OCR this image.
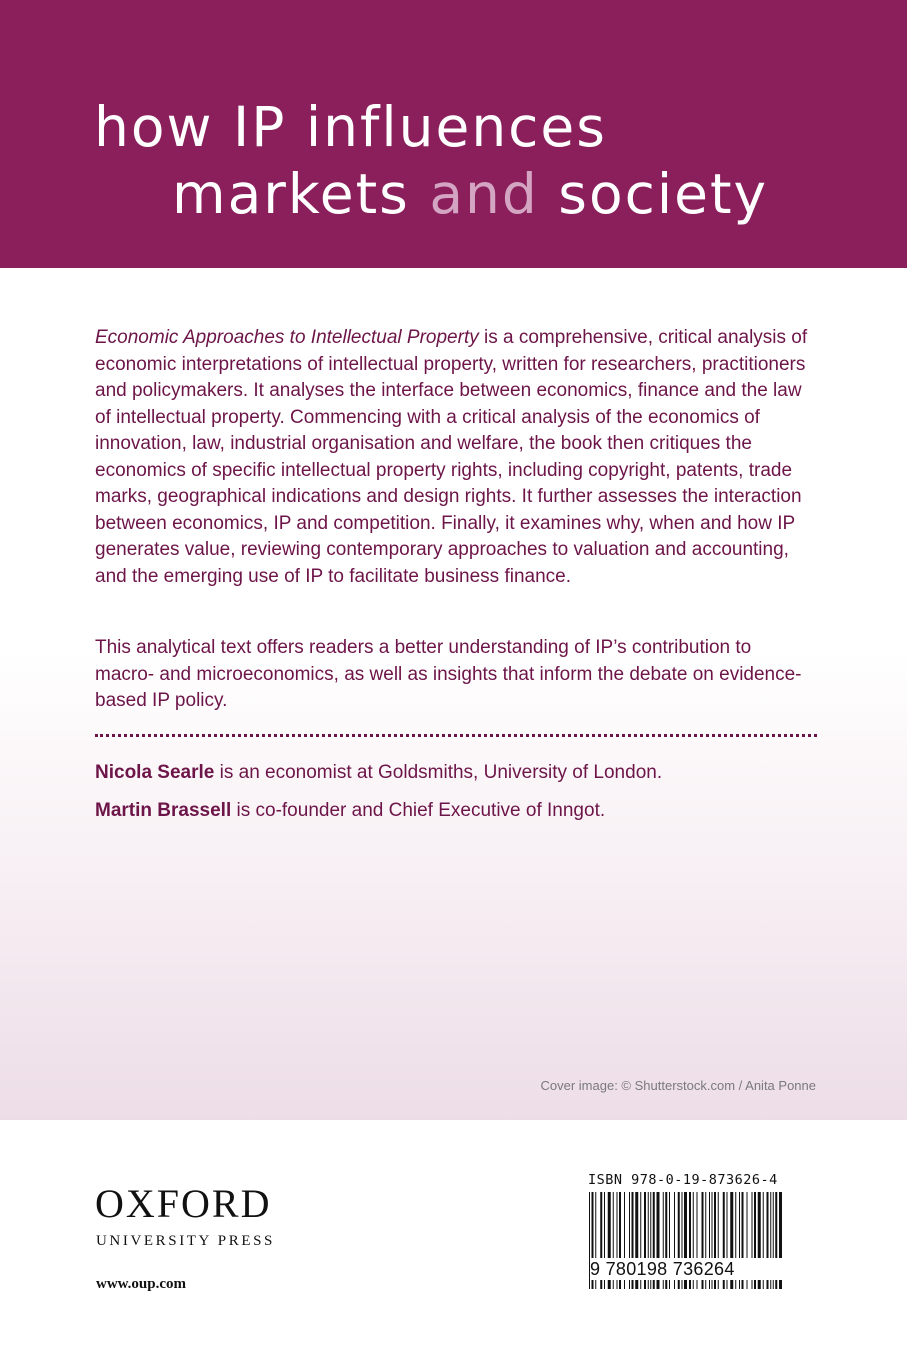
how IP influences
markets and society

Economic Approaches to Intellectual Property is a comprehensive, critical analysis of economic interpretations of intellectual property, written for researchers, practitioners and policymakers. It analyses the interface between economics, finance and the law of intellectual property. Commencing with a critical analysis of the economics of innovation, law, industrial organisation and welfare, the book then critiques the economics of specific intellectual property rights, including copyright, patents, trade marks, geographical indications and design rights. It further assesses the interaction between economics, IP and competition. Finally, it examines why, when and how IP generates value, reviewing contemporary approaches to valuation and accounting, and the emerging use of IP to facilitate business finance.

This analytical text offers readers a better understanding of IP’s contribution to macro- and microeconomics, as well as insights that inform the debate on evidence-based IP policy.

Nicola Searle is an economist at Goldsmiths, University of London.

Martin Brassell is co-founder and Chief Executive of Inngot.

Cover image: © Shutterstock.com / Anita Ponne
OXFORD
UNIVERSITY PRESS
www.oup.com
ISBN 978-0-19-873626-4
9 780198 736264
